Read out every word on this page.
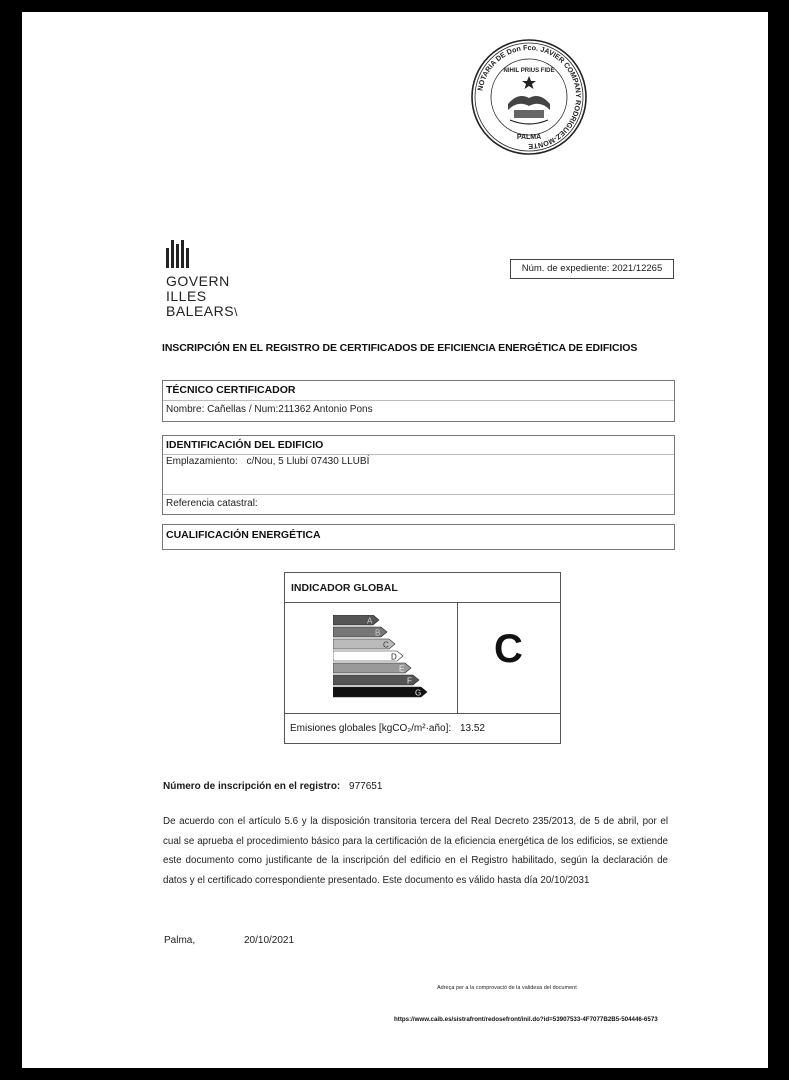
NOTARIA DE Don Fco. JAVIER COMPANY RODRIGUEZ-MONTE
NIHIL PRIUS FIDE
PALMA
GOVERN
ILLES
BALEARS\
Núm. de expediente: 2021/12265
INSCRIPCIÓN EN EL REGISTRO DE CERTIFICADOS DE EFICIENCIA ENERGÉTICA DE EDIFICIOS
TÉCNICO CERTIFICADOR
Nombre: Cañellas / Num:211362 Antonio Pons
IDENTIFICACIÓN DEL EDIFICIO
Emplazamiento: c/Nou, 5 Llubí 07430 LLUBÍ
Referencia catastral:
CUALIFICACIÓN ENERGÉTICA
INDICADOR GLOBAL
A
B
C
D
E
F
G
C
Emisiones globales [kgCO₂/m²·año]: 13.52
Número de inscripción en el registro: 977651
De acuerdo con el artículo 5.6 y la disposición transitoria tercera del Real Decreto 235/2013, de 5 de abril, por el cual se aprueba el procedimiento básico para la certificación de la eficiencia energética de los edificios, se extiende este documento como justificante de la inscripción del edificio en el Registro habilitado, según la declaración de datos y el certificado correspondiente presentado. Este documento es válido hasta día 20/10/2031
Palma,	20/10/2021
Adreça per a la comprovació de la validesa del document
https://www.caib.es/sistrafront/redosefront/inil.do?id=53907533-4F7077B2B5-504446-6573
